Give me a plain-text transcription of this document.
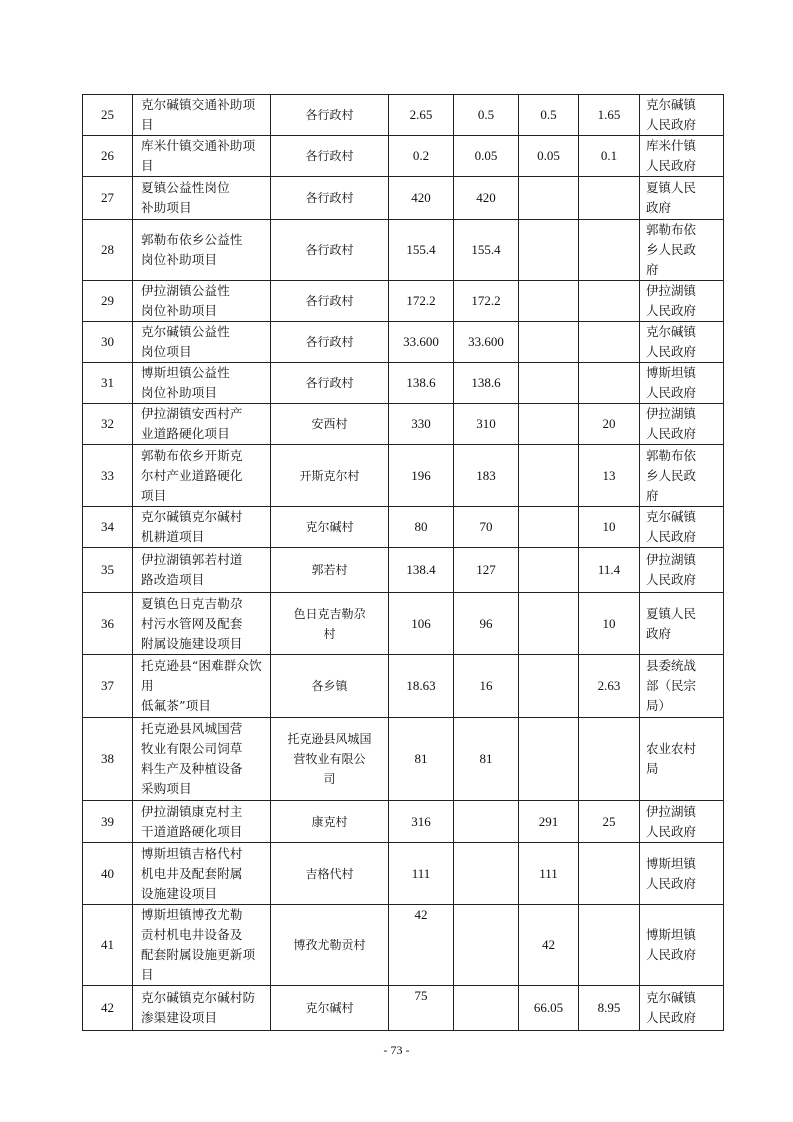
25	克尔碱镇交通补助项
目	各行政村	2.65	0.5	0.5	1.65	克尔碱镇
人民政府
26	库米什镇交通补助项
目	各行政村	0.2	0.05	0.05	0.1	库米什镇
人民政府
27	夏镇公益性岗位
补助项目	各行政村	420	420			夏镇人民
政府
28	郭勒布依乡公益性
岗位补助项目	各行政村	155.4	155.4			郭勒布依
乡人民政
府
29	伊拉湖镇公益性
岗位补助项目	各行政村	172.2	172.2			伊拉湖镇
人民政府
30	克尔碱镇公益性
岗位项目	各行政村	33.600	33.600			克尔碱镇
人民政府
31	博斯坦镇公益性
岗位补助项目	各行政村	138.6	138.6			博斯坦镇
人民政府
32	伊拉湖镇安西村产
业道路硬化项目	安西村	330	310		20	伊拉湖镇
人民政府
33	郭勒布依乡开斯克
尔村产业道路硬化
项目	开斯克尔村	196	183		13	郭勒布依
乡人民政
府
34	克尔碱镇克尔碱村
机耕道项目	克尔碱村	80	70		10	克尔碱镇
人民政府
35	伊拉湖镇郭若村道
路改造项目	郭若村	138.4	127		11.4	伊拉湖镇
人民政府
36	夏镇色日克吉勒尕
村污水管网及配套
附属设施建设项目	色日克吉勒尕
村	106	96		10	夏镇人民
政府
37	托克逊县“困难群众饮用
低氟茶”项目	各乡镇	18.63	16		2.63	县委统战
部（民宗
局）
38	托克逊县风城国营
牧业有限公司饲草
料生产及种植设备
采购项目	托克逊县风城国
营牧业有限公
司	81	81			农业农村
局
39	伊拉湖镇康克村主
干道道路硬化项目	康克村	316		291	25	伊拉湖镇
人民政府
40	博斯坦镇吉格代村
机电井及配套附属
设施建设项目	吉格代村	111		111		博斯坦镇
人民政府
41	博斯坦镇博孜尤勒
贡村机电井设备及
配套附属设施更新项目	博孜尤勒贡村	42		42		博斯坦镇
人民政府
42	克尔碱镇克尔碱村防
渗渠建设项目	克尔碱村	75		66.05	8.95	克尔碱镇
人民政府
- 73 -
